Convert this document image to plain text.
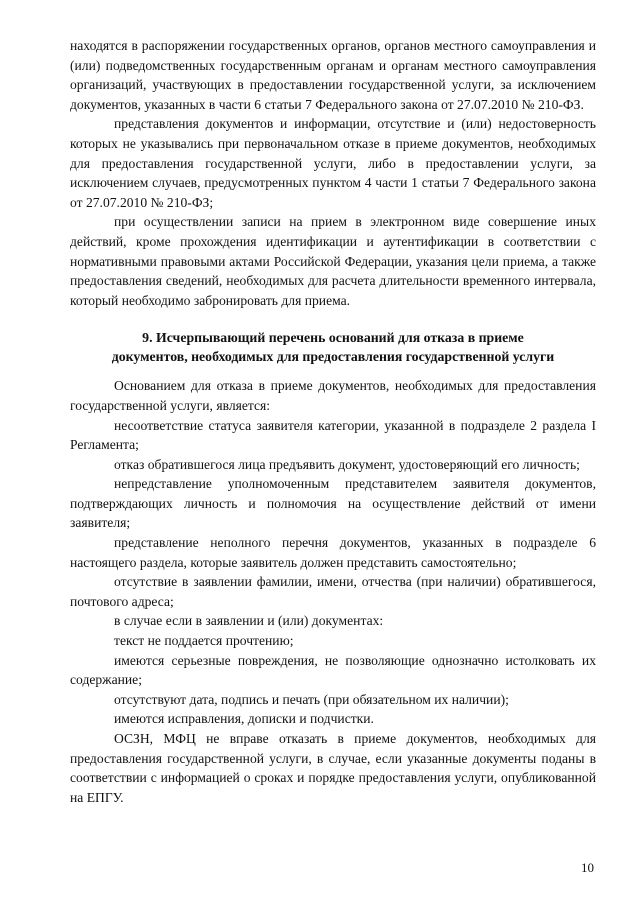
находятся в распоряжении государственных органов, органов местного самоуправления и (или) подведомственных государственным органам и органам местного самоуправления организаций, участвующих в предоставлении государственной услуги, за исключением документов, указанных в части 6 статьи 7 Федерального закона от 27.07.2010 № 210-ФЗ.

представления документов и информации, отсутствие и (или) недостоверность которых не указывались при первоначальном отказе в приеме документов, необходимых для предоставления государственной услуги, либо в предоставлении услуги, за исключением случаев, предусмотренных пунктом 4 части 1 статьи 7 Федерального закона от 27.07.2010 № 210-ФЗ;

при осуществлении записи на прием в электронном виде совершение иных действий, кроме прохождения идентификации и аутентификации в соответствии с нормативными правовыми актами Российской Федерации, указания цели приема, а также предоставления сведений, необходимых для расчета длительности временного интервала, который необходимо забронировать для приема.

9. Исчерпывающий перечень оснований для отказа в приеме
документов, необходимых для предоставления государственной услуги

Основанием для отказа в приеме документов, необходимых для предоставления государственной услуги, является:

несоответствие статуса заявителя категории, указанной в подразделе 2 раздела I Регламента;

отказ обратившегося лица предъявить документ, удостоверяющий его личность;

непредставление уполномоченным представителем заявителя документов, подтверждающих личность и полномочия на осуществление действий от имени заявителя;

представление неполного перечня документов, указанных в подразделе 6 настоящего раздела, которые заявитель должен представить самостоятельно;

отсутствие в заявлении фамилии, имени, отчества (при наличии) обратившегося, почтового адреса;

в случае если в заявлении и (или) документах:

текст не поддается прочтению;

имеются серьезные повреждения, не позволяющие однозначно истолковать их содержание;

отсутствуют дата, подпись и печать (при обязательном их наличии);

имеются исправления, дописки и подчистки.

ОСЗН, МФЦ не вправе отказать в приеме документов, необходимых для предоставления государственной услуги, в случае, если указанные документы поданы в соответствии с информацией о сроках и порядке предоставления услуги, опубликованной на ЕПГУ.

10
